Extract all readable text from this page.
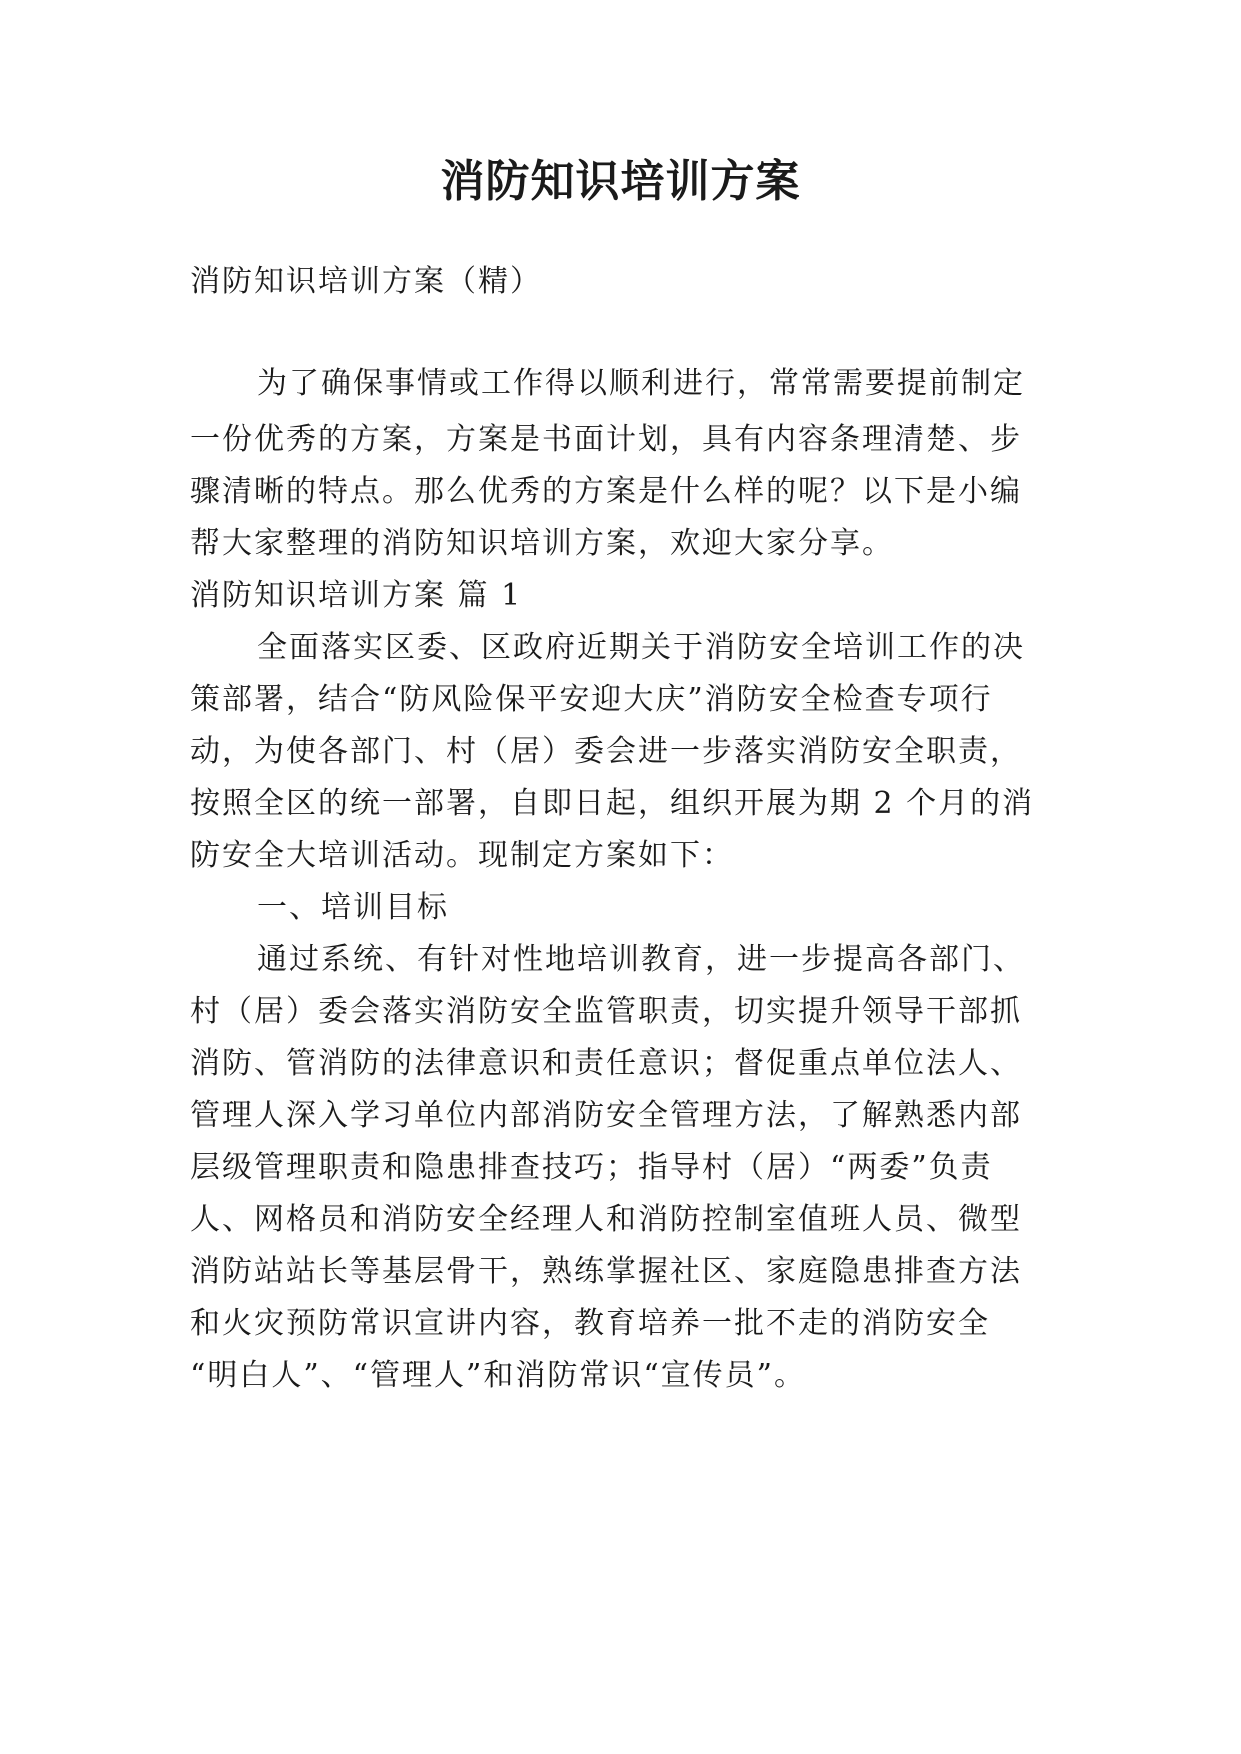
消防知识培训方案
消防知识培训方案（精）
为了确保事情或工作得以顺利进行，常常需要提前制定
一份优秀的方案，方案是书面计划，具有内容条理清楚、步
骤清晰的特点。那么优秀的方案是什么样的呢？以下是小编
帮大家整理的消防知识培训方案，欢迎大家分享。
消防知识培训方案 篇 1
全面落实区委、区政府近期关于消防安全培训工作的决
策部署，结合“防风险保平安迎大庆”消防安全检查专项行
动，为使各部门、村（居）委会进一步落实消防安全职责，
按照全区的统一部署，自即日起，组织开展为期 2 个月的消
防安全大培训活动。现制定方案如下：
一、培训目标
通过系统、有针对性地培训教育，进一步提高各部门、
村（居）委会落实消防安全监管职责，切实提升领导干部抓
消防、管消防的法律意识和责任意识；督促重点单位法人、
管理人深入学习单位内部消防安全管理方法，了解熟悉内部
层级管理职责和隐患排查技巧；指导村（居）“两委”负责
人、网格员和消防安全经理人和消防控制室值班人员、微型
消防站站长等基层骨干，熟练掌握社区、家庭隐患排查方法
和火灾预防常识宣讲内容，教育培养一批不走的消防安全
“明白人”、“管理人”和消防常识“宣传员”。
